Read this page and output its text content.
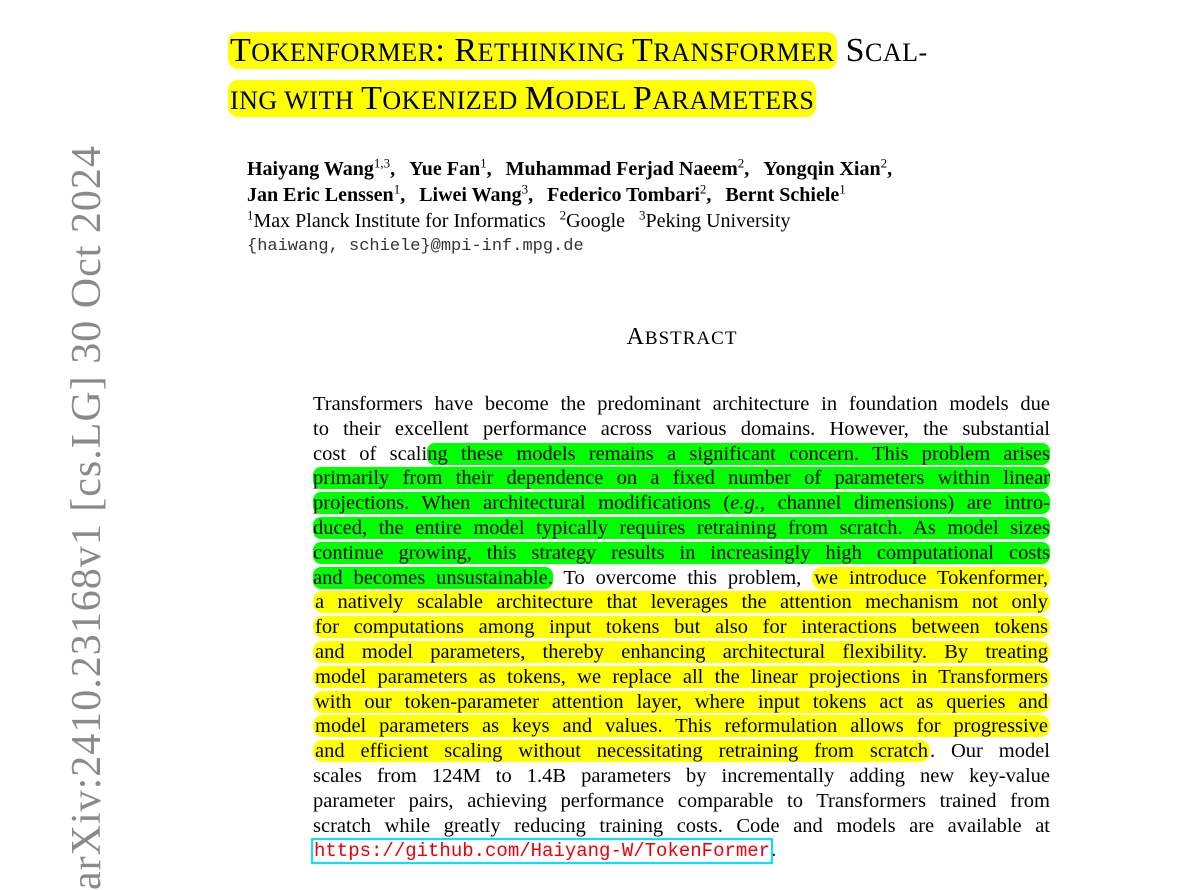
arXiv:2410.23168v1 [cs.LG] 30 Oct 2024
TOKENFORMER: RETHINKING TRANSFORMER SCAL-
ING WITH TOKENIZED MODEL PARAMETERS
Haiyang Wang$^{1,3}$, Yue Fan$^1$, Muhammad Ferjad Naeem$^2$, Yongqin Xian$^2$,
Jan Eric Lenssen$^1$, Liwei Wang$^3$, Federico Tombari$^2$, Bernt Schiele$^1$
$^1$Max Planck Institute for Informatics $^2$Google $^3$Peking University
{haiwang, schiele}@mpi-inf.mpg.de
ABSTRACT
Transformers have become the predominant architecture in foundation models due
to their excellent performance across various domains. However, the substantial
cost of scaling these models remains a significant concern. This problem arises
primarily from their dependence on a fixed number of parameters within linear
projections. When architectural modifications (e.g., channel dimensions) are intro-
duced, the entire model typically requires retraining from scratch. As model sizes
continue growing, this strategy results in increasingly high computational costs
and becomes unsustainable. To overcome this problem, we introduce Tokenformer,
a natively scalable architecture that leverages the attention mechanism not only
for computations among input tokens but also for interactions between tokens
and model parameters, thereby enhancing architectural flexibility. By treating
model parameters as tokens, we replace all the linear projections in Transformers
with our token-parameter attention layer, where input tokens act as queries and
model parameters as keys and values. This reformulation allows for progressive
and efficient scaling without necessitating retraining from scratch. Our model
scales from 124M to 1.4B parameters by incrementally adding new key-value
parameter pairs, achieving performance comparable to Transformers trained from
scratch while greatly reducing training costs. Code and models are available at
https://github.com/Haiyang-W/TokenFormer.
